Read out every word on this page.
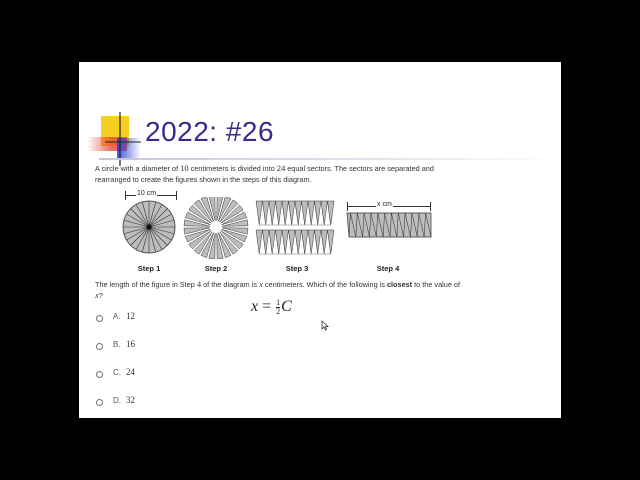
2022: #26
A circle with a diameter of 10 centimeters is divided into 24 equal sectors. The sectors are separated and rearranged to create the figures shown in the steps of this diagram.
10 cm
x cm
Step 1	Step 2	Step 3	Step 4
The length of the figure in Step 4 of the diagram is x centimeters. Which of the following is closest to the value of x?
A. 12
B. 16
C. 24
D. 32
$x = \frac{1}{2}$ C
